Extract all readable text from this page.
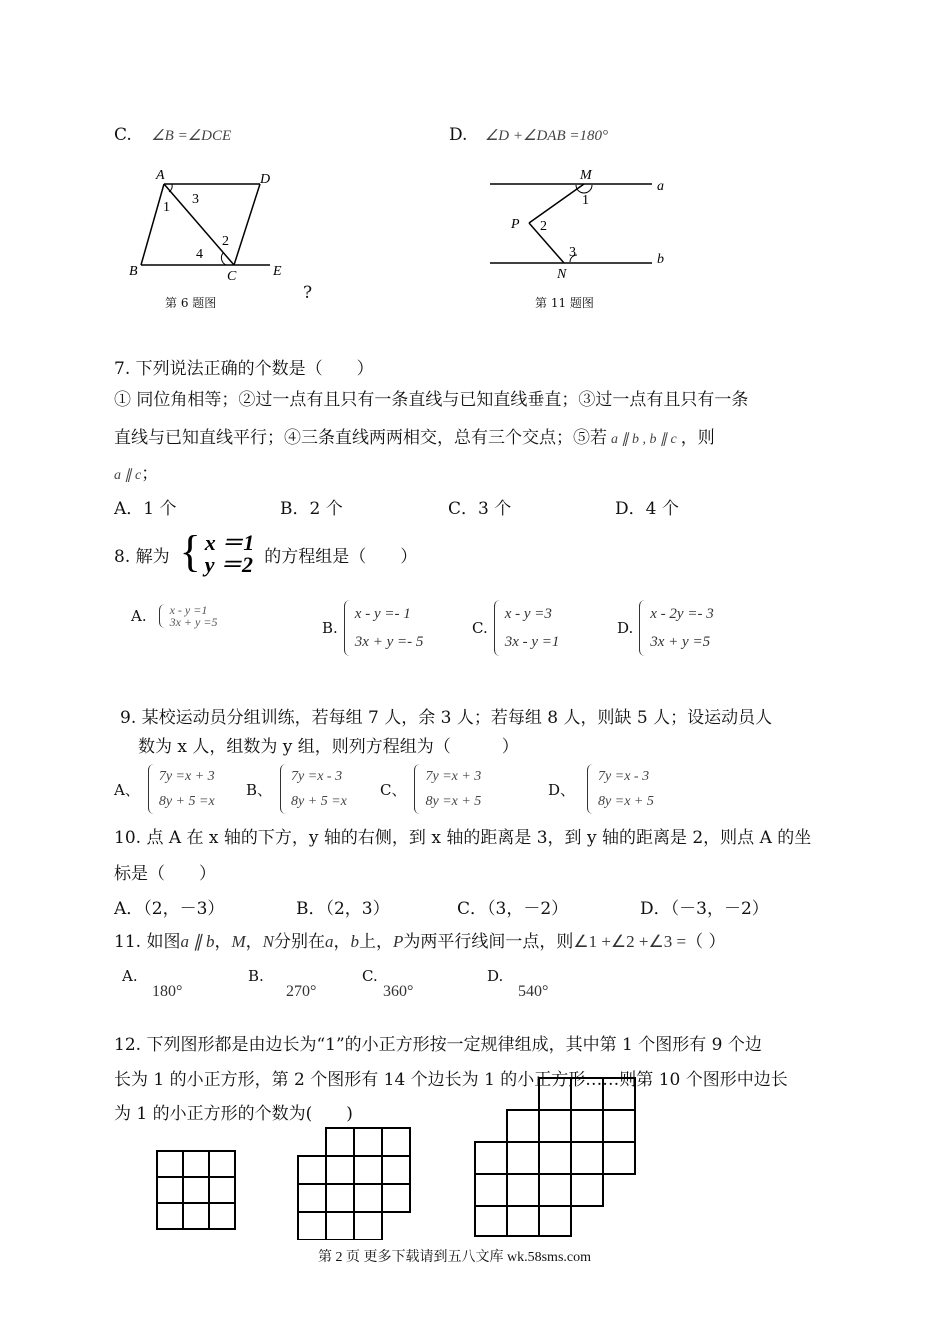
C. ∠B =∠DCE	D. ∠D +∠DAB =180°
A	D
B	C	E
1
3
2
4
第 6 题图	?
M
N
P
a
b
1
2
3
第 11 题图
7. 下列说法正确的个数是（　　）
① 同位角相等；②过一点有且只有一条直线与已知直线垂直；③过一点有且只有一条
直线与已知直线平行；④三条直线两两相交，总有三个交点；⑤若 a ∥ b , b ∥ c ，则
a ∥ c；
A．1 个	B．2 个	C．3 个	D．4 个
8. 解为 { x ＝1
y ＝2 的方程组是（　　）
A. x - y =1
3x + y =5	B.
x - y =- 1
3x + y =- 5
C.
x - y =3
3x - y =1
D.
x - 2y =- 3
3x + y =5
9. 某校运动员分组训练，若每组 7 人，余 3 人；若每组 8 人，则缺 5 人；设运动员人
数为 x 人，组数为 y 组，则列方程组为（　　　）
A、
7y =x + 3
8y + 5 =x
B、
7y =x - 3
8y + 5 =x
C、
7y =x + 3
8y =x + 5
D、
7y =x - 3
8y =x + 5
10. 点 A 在 x 轴的下方，y 轴的右侧，到 x 轴的距离是 3，到 y 轴的距离是 2，则点 A 的坐
标是（　　）
A．（2，－3）	B．（2，3）	C．（3，－2）	D．（－3，－2）
11. 如图a ∥ b，M，N分别在a，b上，P为两平行线间一点，则∠1 +∠2 +∠3 =（ ）
A.
180°
B.
270°
C.
360°
D.
540°
12. 下列图形都是由边长为“1”的小正方形按一定规律组成，其中第 1 个图形有 9 个边
长为 1 的小正方形，第 2 个图形有 14 个边长为 1 的小正方形……则第 10 个图形中边长
为 1 的小正方形的个数为(　　)
第 2 页 更多下载请到五八文库 wk.58sms.com
